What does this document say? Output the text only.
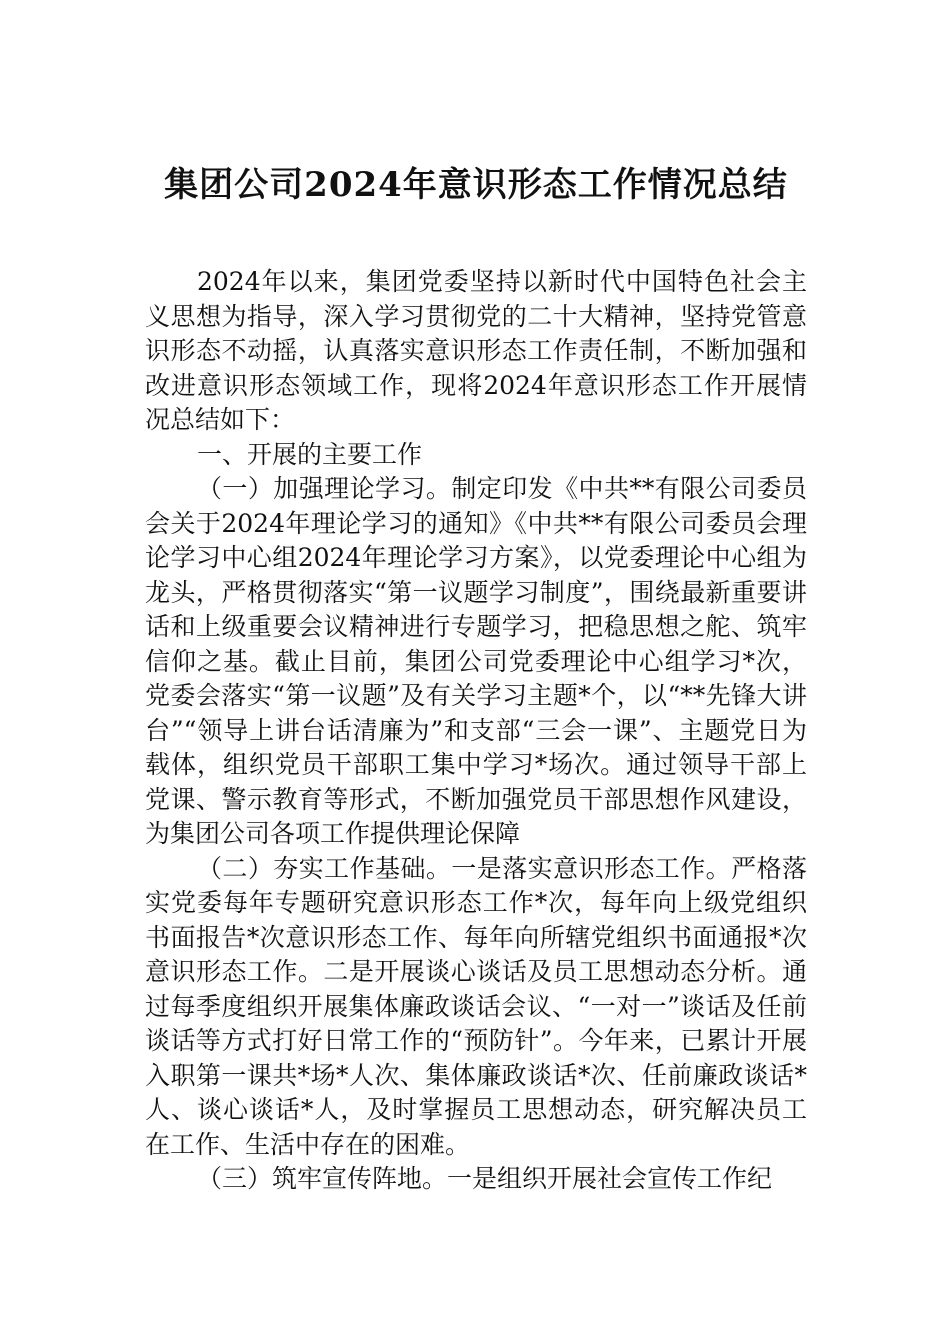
集团公司2024年意识形态工作情况总结

2024年以来，集团党委坚持以新时代中国特色社会主义思想为指导，深入学习贯彻党的二十大精神，坚持党管意识形态不动摇，认真落实意识形态工作责任制，不断加强和改进意识形态领域工作，现将2024年意识形态工作开展情况总结如下：

一、开展的主要工作

（一）加强理论学习。制定印发《中共**有限公司委员会关于2024年理论学习的通知》《中共**有限公司委员会理论学习中心组2024年理论学习方案》，以党委理论中心组为龙头，严格贯彻落实“第一议题学习制度”，围绕最新重要讲话和上级重要会议精神进行专题学习，把稳思想之舵、筑牢信仰之基。截止目前，集团公司党委理论中心组学习*次，党委会落实“第一议题”及有关学习主题*个，以“**先锋大讲台”“领导上讲台话清廉为”和支部“三会一课”、主题党日为载体，组织党员干部职工集中学习*场次。通过领导干部上党课、警示教育等形式，不断加强党员干部思想作风建设，为集团公司各项工作提供理论保障

（二）夯实工作基础。一是落实意识形态工作。严格落实党委每年专题研究意识形态工作*次，每年向上级党组织书面报告*次意识形态工作、每年向所辖党组织书面通报*次意识形态工作。二是开展谈心谈话及员工思想动态分析。通过每季度组织开展集体廉政谈话会议、“一对一”谈话及任前谈话等方式打好日常工作的“预防针”。今年来，已累计开展入职第一课共*场*人次、集体廉政谈话*次、任前廉政谈话*人、谈心谈话*人，及时掌握员工思想动态，研究解决员工在工作、生活中存在的困难。

（三）筑牢宣传阵地。一是组织开展社会宣传工作纪
